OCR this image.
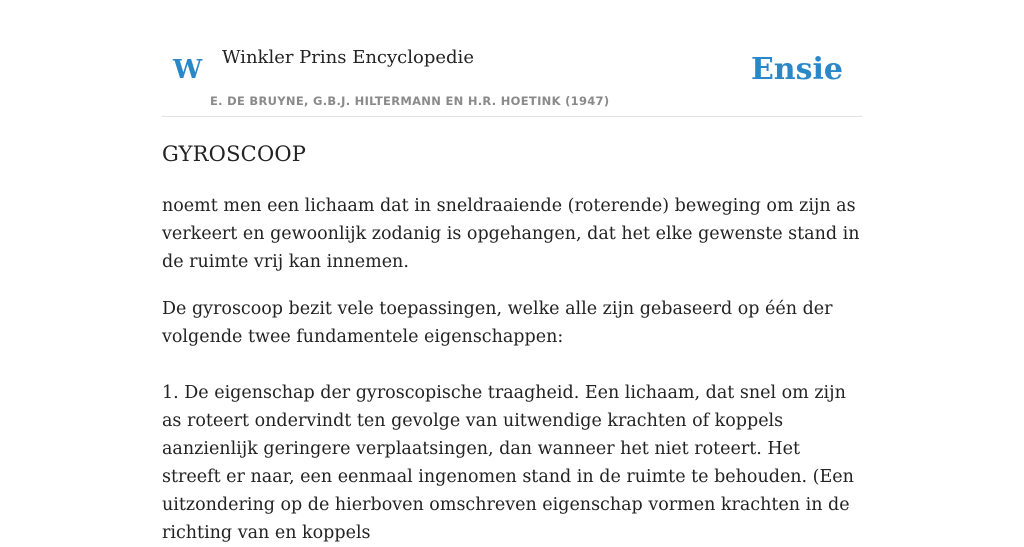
W Winkler Prins Encyclopedie
E. DE BRUYNE, G.B.J. HILTERMANN EN H.R. HOETINK (1947)
Ensie
GYROSCOOP

noemt men een lichaam dat in sneldraaiende (roterende) beweging om zijn as verkeert en gewoonlijk zodanig is opgehangen, dat het elke gewenste stand in de ruimte vrij kan innemen.

De gyroscoop bezit vele toepassingen, welke alle zijn gebaseerd op één der volgende twee fundamentele eigenschappen:

1. De eigenschap der gyroscopische traagheid. Een lichaam, dat snel om zijn as roteert ondervindt ten gevolge van uitwendige krachten of koppels aanzienlijk geringere verplaatsingen, dan wanneer het niet roteert. Het streeft er naar, een eenmaal ingenomen stand in de ruimte te behouden. (Een uitzondering op de hierboven omschreven eigenschap vormen krachten in de richting van en koppels
